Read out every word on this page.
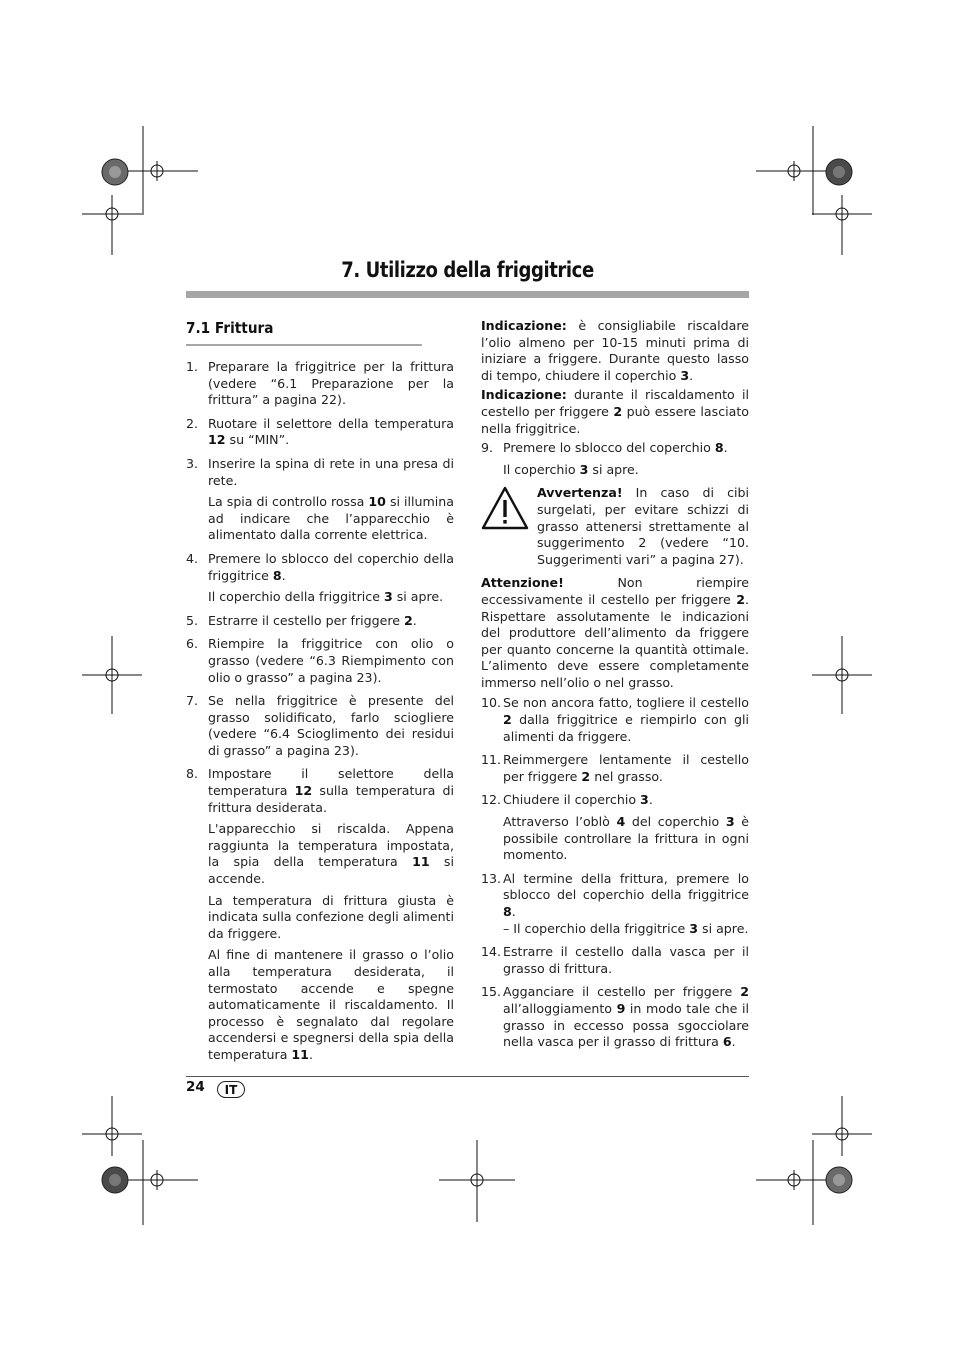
7. Utilizzo della friggitrice
7.1 Frittura
1. Preparare la friggitrice per la frittura (vedere “6.1 Preparazione per la frittura” a pagina 22).

2. Ruotare il selettore della temperatura 12 su “MIN”.

3. Inserire la spina di rete in una presa di rete.

La spia di controllo rossa 10 si illumina ad indicare che l’apparecchio è alimentato dalla corrente elettrica.

4. Premere lo sblocco del coperchio della friggitrice 8.

Il coperchio della friggitrice 3 si apre.

5. Estrarre il cestello per friggere 2.

6. Riempire la friggitrice con olio o grasso (vedere “6.3 Riempimento con olio o grasso” a pagina 23).

7. Se nella friggitrice è presente del grasso solidificato, farlo sciogliere (vedere “6.4 Scioglimento dei residui di grasso” a pagina 23).

8. Impostare il selettore della temperatura 12 sulla temperatura di frittura desiderata.

L'apparecchio si riscalda. Appena raggiunta la temperatura impostata, la spia della temperatura 11 si accende.

La temperatura di frittura giusta è indicata sulla confezione degli alimenti da friggere.

Al fine di mantenere il grasso o l’olio alla temperatura desiderata, il termostato accende e spegne automaticamente il riscaldamento. Il processo è segnalato dal regolare accendersi e spegnersi della spia della temperatura 11.

Indicazione: è consigliabile riscaldare l’olio almeno per 10-15 minuti prima di iniziare a friggere. Durante questo lasso di tempo, chiudere il coperchio 3.

Indicazione: durante il riscaldamento il cestello per friggere 2 può essere lasciato nella friggitrice.

9. Premere lo sblocco del coperchio 8.

Il coperchio 3 si apre.

Avvertenza! In caso di cibi surgelati, per evitare schizzi di grasso attenersi strettamente al suggerimento 2 (vedere “10. Suggerimenti vari” a pagina 27).

Attenzione! Non riempire eccessivamente il cestello per friggere 2. Rispettare assolutamente le indicazioni del produttore dell’alimento da friggere per quanto concerne la quantità ottimale. L’alimento deve essere completamente immerso nell’olio o nel grasso.

10. Se non ancora fatto, togliere il cestello 2 dalla friggitrice e riempirlo con gli alimenti da friggere.

11. Reimmergere lentamente il cestello per friggere 2 nel grasso.

12. Chiudere il coperchio 3.

Attraverso l’oblò 4 del coperchio 3 è possibile controllare la frittura in ogni momento.

13. Al termine della frittura, premere lo sblocco del coperchio della friggitrice 8.
– Il coperchio della friggitrice 3 si apre.

14. Estrarre il cestello dalla vasca per il grasso di frittura.

15. Agganciare il cestello per friggere 2 all’alloggiamento 9 in modo tale che il grasso in eccesso possa sgocciolare nella vasca per il grasso di frittura 6.

24	IT
